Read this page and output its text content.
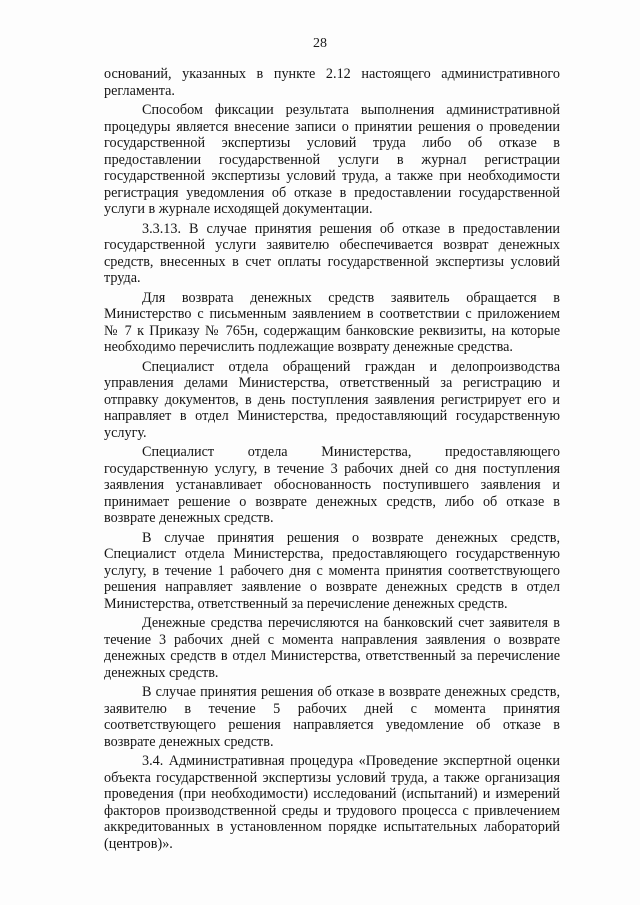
28

оснований, указанных в пункте 2.12 настоящего административного регламента.

Способом фиксации результата выполнения административной процедуры является внесение записи о принятии решения о проведении государственной экспертизы условий труда либо об отказе в предоставлении государственной услуги в журнал регистрации государственной экспертизы условий труда, а также при необходимости регистрация уведомления об отказе в предоставлении государственной услуги в журнале исходящей документации.

3.3.13. В случае принятия решения об отказе в предоставлении государственной услуги заявителю обеспечивается возврат денежных средств, внесенных в счет оплаты государственной экспертизы условий труда.

Для возврата денежных средств заявитель обращается в Министерство с письменным заявлением в соответствии с приложением № 7 к Приказу № 765н, содержащим банковские реквизиты, на которые необходимо перечислить подлежащие возврату денежные средства.

Специалист отдела обращений граждан и делопроизводства управления делами Министерства, ответственный за регистрацию и отправку документов, в день поступления заявления регистрирует его и направляет в отдел Министерства, предоставляющий государственную услугу.

Специалист отдела Министерства, предоставляющего государственную услугу, в течение 3 рабочих дней со дня поступления заявления устанавливает обоснованность поступившего заявления и принимает решение о возврате денежных средств, либо об отказе в возврате денежных средств.

В случае принятия решения о возврате денежных средств, Специалист отдела Министерства, предоставляющего государственную услугу, в течение 1 рабочего дня с момента принятия соответствующего решения направляет заявление о возврате денежных средств в отдел Министерства, ответственный за перечисление денежных средств.

Денежные средства перечисляются на банковский счет заявителя в течение 3 рабочих дней с момента направления заявления о возврате денежных средств в отдел Министерства, ответственный за перечисление денежных средств.

В случае принятия решения об отказе в возврате денежных средств, заявителю в течение 5 рабочих дней с момента принятия соответствующего решения направляется уведомление об отказе в возврате денежных средств.

3.4. Административная процедура «Проведение экспертной оценки объекта государственной экспертизы условий труда, а также организация проведения (при необходимости) исследований (испытаний) и измерений факторов производственной среды и трудового процесса с привлечением аккредитованных в установленном порядке испытательных лабораторий (центров)».
